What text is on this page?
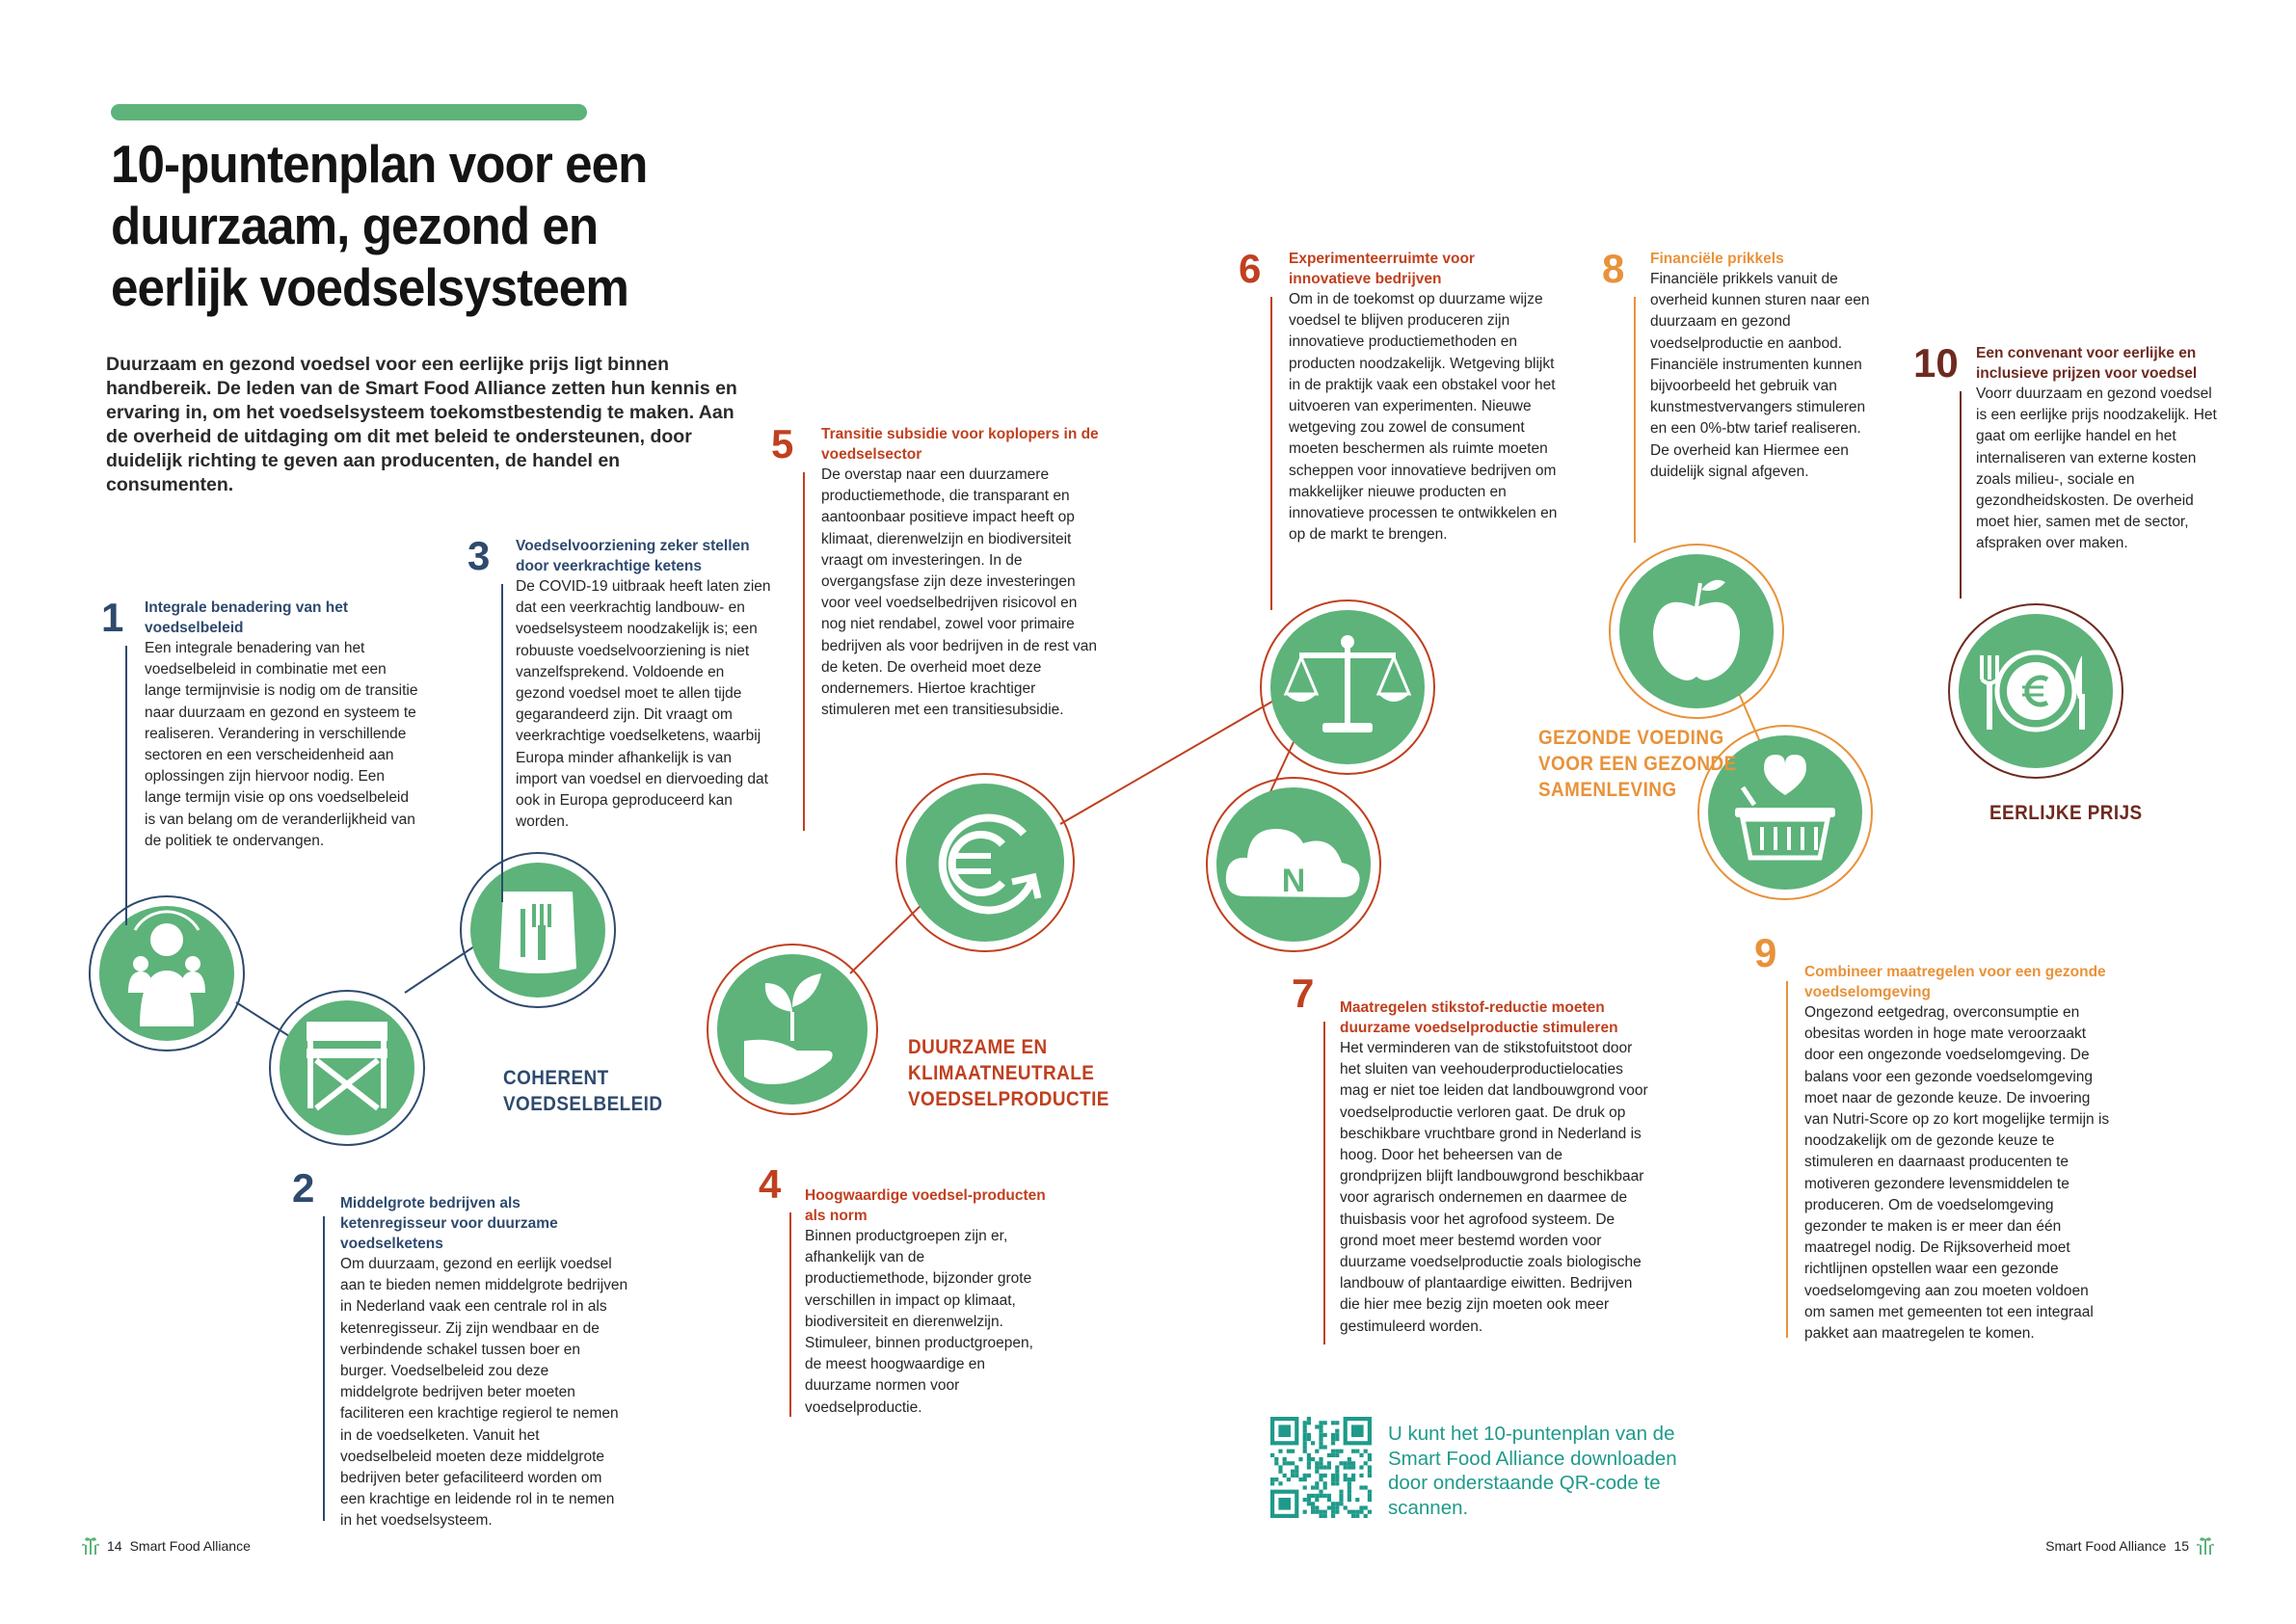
10-puntenplan voor een duurzaam, gezond en eerlijk voedselsysteem

Duurzaam en gezond voedsel voor een eerlijke prijs ligt binnen handbereik. De leden van de Smart Food Alliance zetten hun kennis en ervaring in, om het voedselsysteem toekomstbestendig te maken. Aan de overheid de uitdaging om dit met beleid te ondersteunen, door duidelijk richting te geven aan producenten, de handel en consumenten.

N
COHERENT
VOEDSELBELEID
DUURZAME EN
KLIMAATNEUTRALE
VOEDSELPRODUCTIE
GEZONDE VOEDING
VOOR EEN GEZONDE
SAMENLEVING
EERLIJKE PRIJS
1 Integrale benadering van het voedselbeleid
Een integrale benadering van het voedselbeleid in combinatie met een lange termijnvisie is nodig om de transitie naar duurzaam en gezond en systeem te realiseren. Verandering in verschillende sectoren en een verscheidenheid aan oplossingen zijn hiervoor nodig. Een lange termijn visie op ons voedselbeleid is van belang om de veranderlijkheid van de politiek te ondervangen.
2 Middelgrote bedrijven als ketenregisseur voor duurzame voedselketens
Om duurzaam, gezond en eerlijk voedsel aan te bieden nemen middelgrote bedrijven in Nederland vaak een centrale rol in als ketenregisseur. Zij zijn wendbaar en de verbindende schakel tussen boer en burger. Voedselbeleid zou deze middelgrote bedrijven beter moeten faciliteren een krachtige regierol te nemen in de voedselketen. Vanuit het voedselbeleid moeten deze middelgrote bedrijven beter gefaciliteerd worden om een krachtige en leidende rol in te nemen in het voedselsysteem.
3 Voedselvoorziening zeker stellen door veerkrachtige ketens
De COVID-19 uitbraak heeft laten zien dat een veerkrachtig landbouw- en voedselsysteem noodzakelijk is; een robuuste voedselvoorziening is niet vanzelfsprekend. Voldoende en gezond voedsel moet te allen tijde gegarandeerd zijn. Dit vraagt om veerkrachtige voedselketens, waarbij Europa minder afhankelijk is van import van voedsel en diervoeding dat ook in Europa geproduceerd kan worden.
4 Hoogwaardige voedsel-producten als norm
Binnen productgroepen zijn er, afhankelijk van de productiemethode, bijzonder grote verschillen in impact op klimaat, biodiversiteit en dierenwelzijn. Stimuleer, binnen productgroepen, de meest hoogwaardige en duurzame normen voor voedselproductie.
5 Transitie subsidie voor koplopers in de voedselsector
De overstap naar een duurzamere productiemethode, die transparant en aantoonbaar positieve impact heeft op klimaat, dierenwelzijn en biodiversiteit vraagt om investeringen. In de overgangsfase zijn deze investeringen voor veel voedselbedrijven risicovol en nog niet rendabel, zowel voor primaire bedrijven als voor bedrijven in de rest van de keten. De overheid moet deze ondernemers. Hiertoe krachtiger stimuleren met een transitiesubsidie.
6 Experimenteerruimte voor innovatieve bedrijven
Om in de toekomst op duurzame wijze voedsel te blijven produceren zijn innovatieve productiemethoden en producten noodzakelijk. Wetgeving blijkt in de praktijk vaak een obstakel voor het uitvoeren van experimenten. Nieuwe wetgeving zou zowel de consument moeten beschermen als ruimte moeten scheppen voor innovatieve bedrijven om makkelijker nieuwe producten en innovatieve processen te ontwikkelen en op de markt te brengen.
7 Maatregelen stikstof-reductie moeten duurzame voedselproductie stimuleren
Het verminderen van de stikstofuitstoot door het sluiten van veehouderproductielocaties mag er niet toe leiden dat landbouwgrond voor voedselproductie verloren gaat. De druk op beschikbare vruchtbare grond in Nederland is hoog. Door het beheersen van de grondprijzen blijft landbouwgrond beschikbaar voor agrarisch ondernemen en daarmee de thuisbasis voor het agrofood systeem. De grond moet meer bestemd worden voor duurzame voedselproductie zoals biologische landbouw of plantaardige eiwitten. Bedrijven die hier mee bezig zijn moeten ook meer gestimuleerd worden.
8 Financiële prikkels
Financiële prikkels vanuit de overheid kunnen sturen naar een duurzaam en gezond voedselproductie en aanbod. Financiële instrumenten kunnen bijvoorbeeld het gebruik van kunstmestvervangers stimuleren en een 0%-btw tarief realiseren. De overheid kan Hiermee een duidelijk signal afgeven.
9 Combineer maatregelen voor een gezonde voedselomgeving
Ongezond eetgedrag, overconsumptie en obesitas worden in hoge mate veroorzaakt door een ongezonde voedselomgeving. De balans voor een gezonde voedselomgeving moet naar de gezonde keuze. De invoering van Nutri-Score op zo kort mogelijke termijn is noodzakelijk om de gezonde keuze te stimuleren en daarnaast producenten te motiveren gezondere levensmiddelen te produceren. Om de voedselomgeving gezonder te maken is er meer dan één maatregel nodig. De Rijksoverheid moet richtlijnen opstellen waar een gezonde voedselomgeving aan zou moeten voldoen om samen met gemeenten tot een integraal pakket aan maatregelen te komen.
10 Een convenant voor eerlijke en inclusieve prijzen voor voedsel
Voorr duurzaam en gezond voedsel is een eerlijke prijs noodzakelijk. Het gaat om eerlijke handel en het internaliseren van externe kosten zoals milieu-, sociale en gezondheidskosten. De overheid moet hier, samen met de sector, afspraken over maken.

U kunt het 10-puntenplan van de Smart Food Alliance downloaden door onderstaande QR-code te scannen.

14 Smart Food Alliance	Smart Food Alliance 15
